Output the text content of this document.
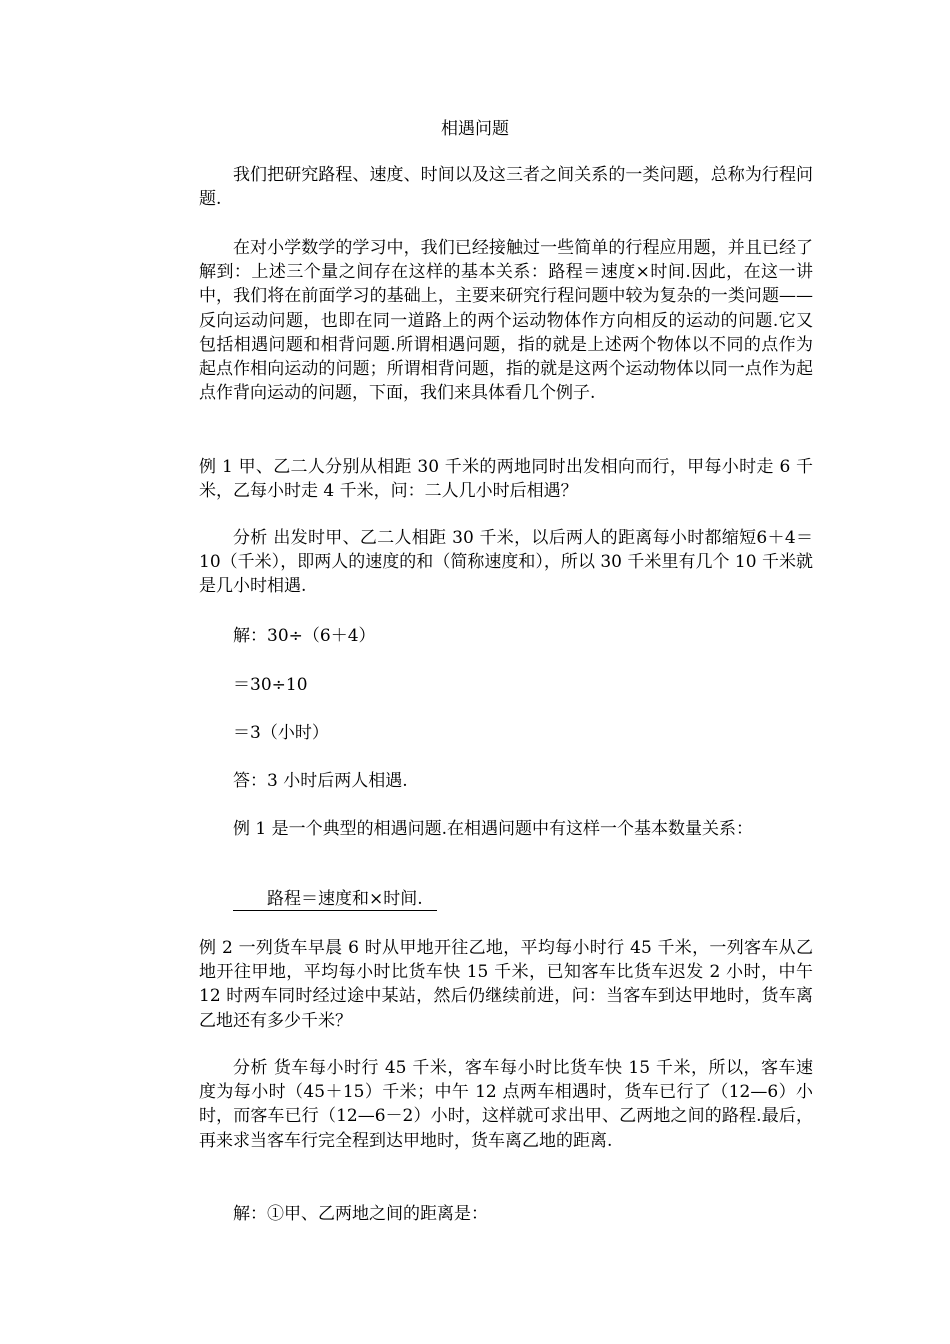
相遇问题

我们把研究路程、速度、时间以及这三者之间关系的一类问题，总称为行程问题.

在对小学数学的学习中，我们已经接触过一些简单的行程应用题，并且已经了解到：上述三个量之间存在这样的基本关系：路程＝速度×时间.因此，在这一讲中，我们将在前面学习的基础上，主要来研究行程问题中较为复杂的一类问题——反向运动问题，也即在同一道路上的两个运动物体作方向相反的运动的问题.它又包括相遇问题和相背问题.所谓相遇问题，指的就是上述两个物体以不同的点作为起点作相向运动的问题；所谓相背问题，指的就是这两个运动物体以同一点作为起点作背向运动的问题，下面，我们来具体看几个例子.

例 1 甲、乙二人分别从相距 30 千米的两地同时出发相向而行，甲每小时走 6 千米，乙每小时走 4 千米，问：二人几小时后相遇？

分析 出发时甲、乙二人相距 30 千米，以后两人的距离每小时都缩短6＋4＝10（千米），即两人的速度的和（简称速度和），所以 30 千米里有几个 10 千米就是几小时相遇.

解：30÷（6＋4）

＝30÷10

＝3（小时）

答：3 小时后两人相遇.

例 1 是一个典型的相遇问题.在相遇问题中有这样一个基本数量关系：

路程＝速度和×时间.

例 2 一列货车早晨 6 时从甲地开往乙地，平均每小时行 45 千米，一列客车从乙地开往甲地，平均每小时比货车快 15 千米，已知客车比货车迟发 2 小时，中午 12 时两车同时经过途中某站，然后仍继续前进，问：当客车到达甲地时，货车离乙地还有多少千米？

分析 货车每小时行 45 千米，客车每小时比货车快 15 千米，所以，客车速度为每小时（45＋15）千米；中午 12 点两车相遇时，货车已行了（12—6）小时，而客车已行（12—6－2）小时，这样就可求出甲、乙两地之间的路程.最后，再来求当客车行完全程到达甲地时，货车离乙地的距离.

解：①甲、乙两地之间的距离是：
